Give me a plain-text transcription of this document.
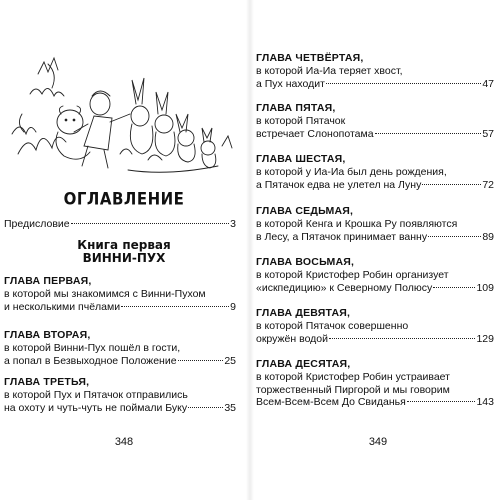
ОГЛАВЛЕНИЕ
Предисловие	3
Книга первая
ВИННИ-ПУХ
ГЛАВА ПЕРВАЯ,
в которой мы знакомимся с Винни-Пухом
и несколькими пчёлами	9
ГЛАВА ВТОРАЯ,
в которой Винни-Пух пошёл в гости,
а попал в Безвыходное Положение	25
ГЛАВА ТРЕТЬЯ,
в которой Пух и Пятачок отправились
на охоту и чуть-чуть не поймали Буку	35
348
ГЛАВА ЧЕТВЁРТАЯ,
в которой Иа-Иа теряет хвост,
а Пух находит	47
ГЛАВА ПЯТАЯ,
в которой Пятачок
встречает Слонопотама	57
ГЛАВА ШЕСТАЯ,
в которой у Иа-Иа был день рождения,
а Пятачок едва не улетел на Луну	72
ГЛАВА СЕДЬМАЯ,
в которой Кенга и Крошка Ру появляются
в Лесу, а Пятачок принимает ванну	89
ГЛАВА ВОСЬМАЯ,
в которой Кристофер Робин организует
«искпедицию» к Северному Полюсу	109
ГЛАВА ДЕВЯТАЯ,
в которой Пятачок совершенно
окружён водой	129
ГЛАВА ДЕСЯТАЯ,
в которой Кристофер Робин устраивает
торжественный Пиргорой и мы говорим
Всем-Всем-Всем До Свиданья	143
349
